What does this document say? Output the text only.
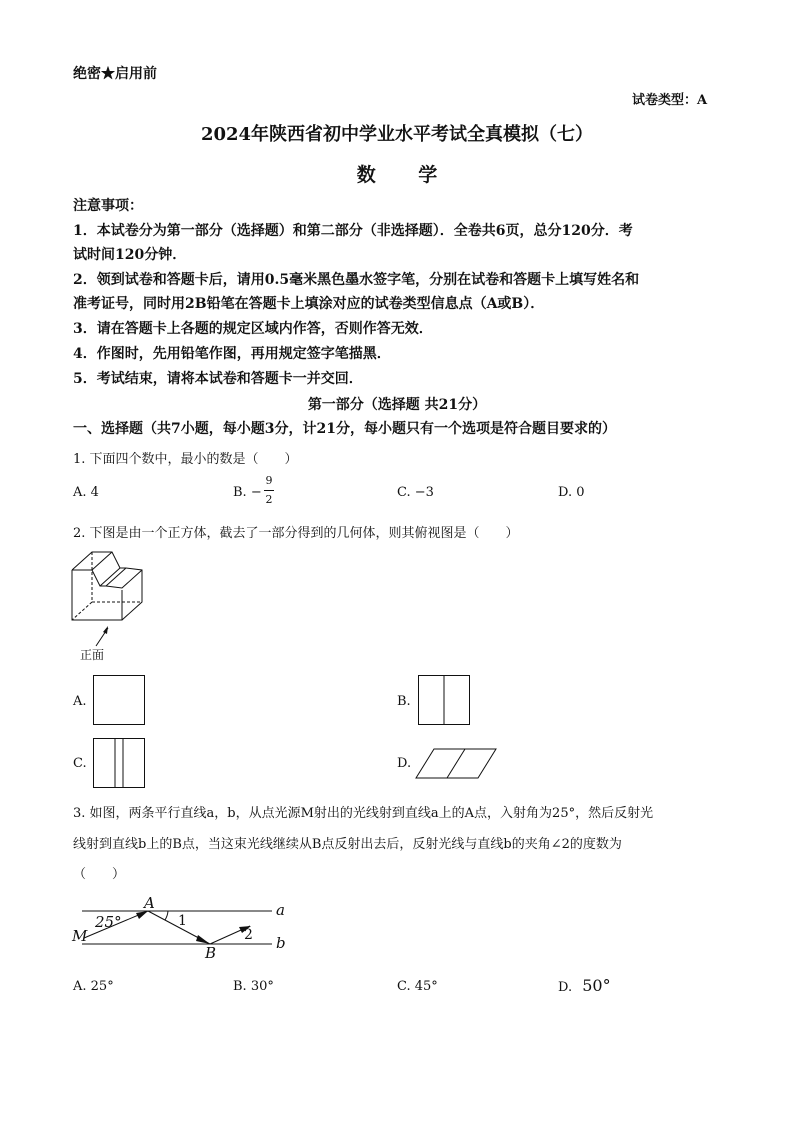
绝密★启用前
试卷类型：A
2024年陕西省初中学业水平考试全真模拟（七）
数 学
注意事项：
1．本试卷分为第一部分（选择题）和第二部分（非选择题）．全卷共6页，总分120分．考
试时间120分钟．
2．领到试卷和答题卡后，请用0.5毫米黑色墨水签字笔，分别在试卷和答题卡上填写姓名和
准考证号，同时用2B铅笔在答题卡上填涂对应的试卷类型信息点（A或B）．
3．请在答题卡上各题的规定区域内作答，否则作答无效．
4．作图时，先用铅笔作图，再用规定签字笔描黑．
5．考试结束，请将本试卷和答题卡一并交回．
第一部分（选择题 共21分）
一、选择题（共7小题，每小题3分，计21分，每小题只有一个选项是符合题目要求的）
1. 下面四个数中，最小的数是（　　）
A. 4	B. −
9
2	C. −3	D. 0
2. 下图是由一个正方体，截去了一部分得到的几何体，则其俯视图是（　　）
正面
A.	B.
C.	D.
3. 如图，两条平行直线a，b，从点光源M射出的光线射到直线a上的A点，入射角为25°，然后反射光
线射到直线b上的B点，当这束光线继续从B点反射出去后，反射光线与直线b的夹角∠2的度数为
（　　）
25°
A
1
M
B
2
a
b
A. 25°	B. 30°	C. 45°	D. 50°
